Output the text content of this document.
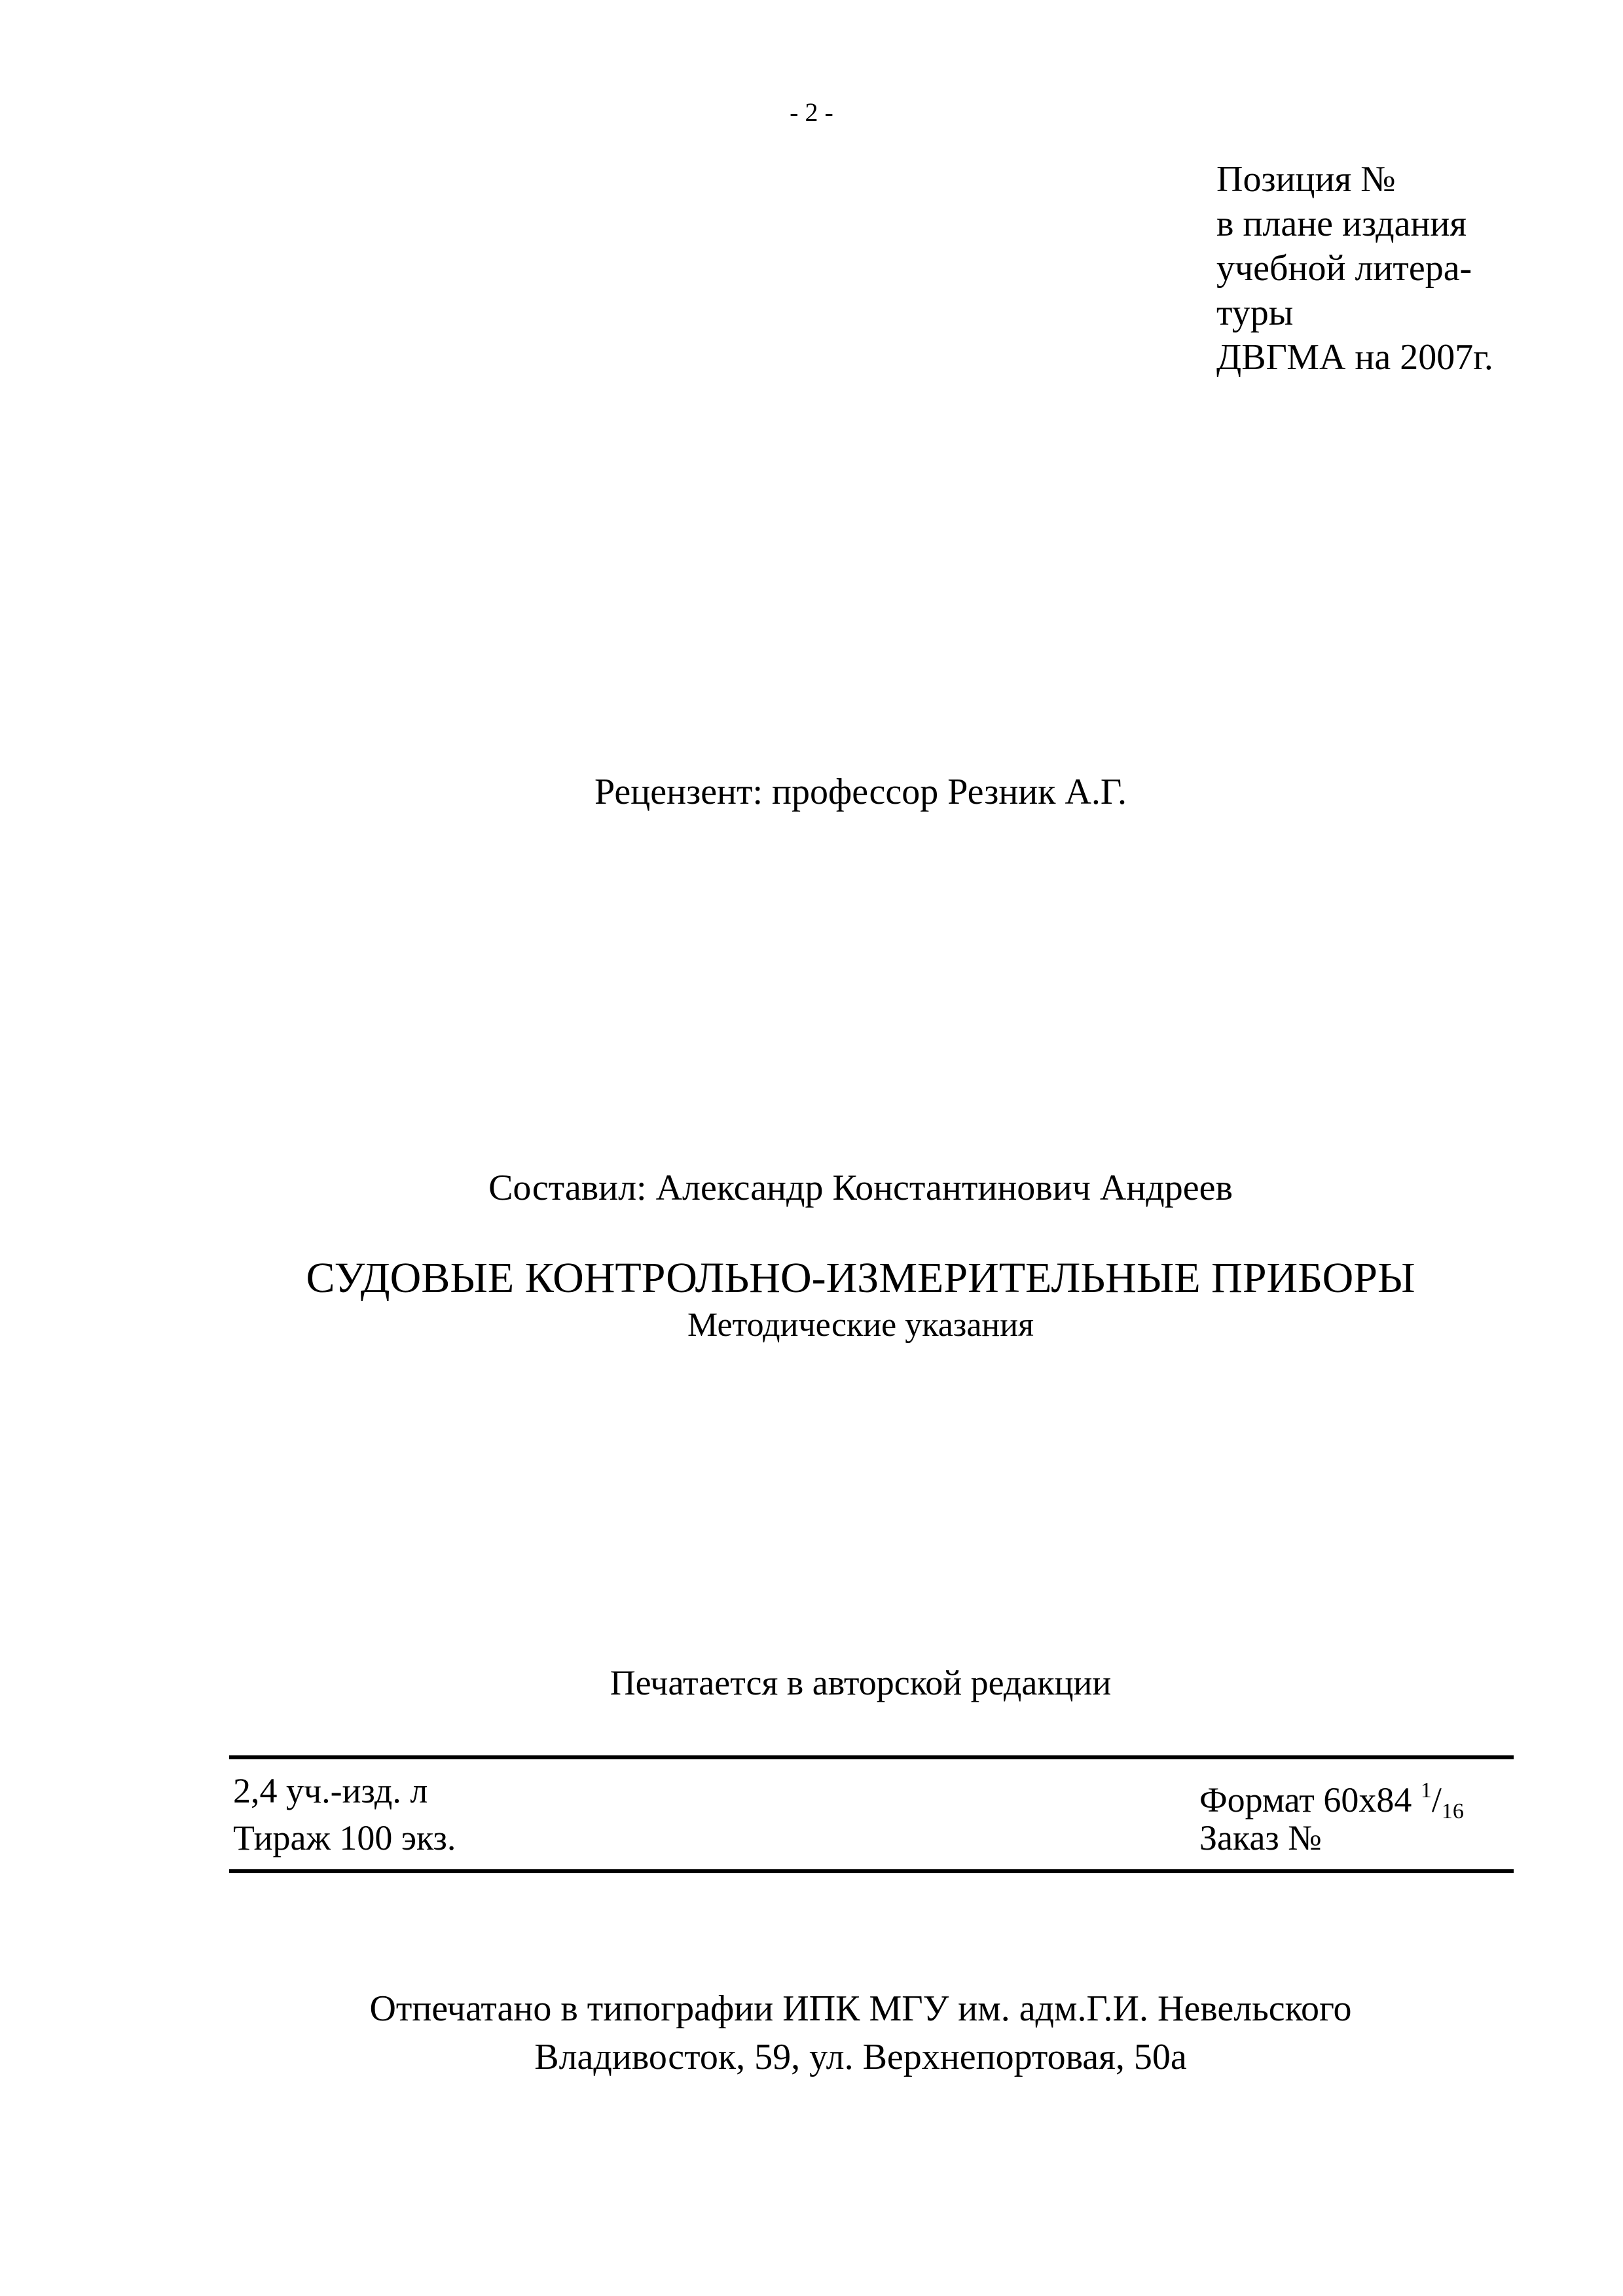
- 2 -
Позиция №
в плане издания
учебной литера-
туры
ДВГМА на 2007г.
Рецензент: профессор Резник А.Г.
Составил: Александр Константинович Андреев
СУДОВЫЕ КОНТРОЛЬНО-ИЗМЕРИТЕЛЬНЫЕ ПРИБОРЫ
Методические указания
Печатается в авторской редакции
2,4 уч.-изд. л	Формат 60х84 $^1/_{16}$
Тираж 100 экз.	Заказ №
Отпечатано в типографии ИПК МГУ им. адм.Г.И. Невельского
Владивосток, 59, ул. Верхнепортовая, 50а
